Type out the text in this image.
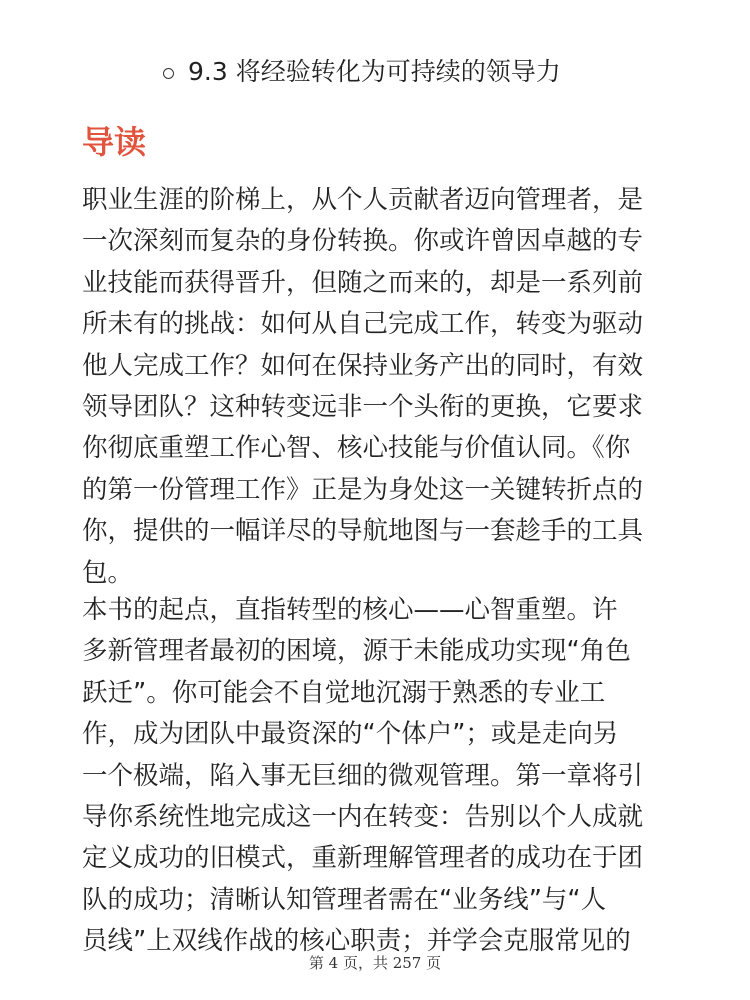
9.3 将经验转化为可持续的领导力
导读

职业生涯的阶梯上，从个人贡献者迈向管理者，是
一次深刻而复杂的身份转换。你或许曾因卓越的专
业技能而获得晋升，但随之而来的，却是一系列前
所未有的挑战：如何从自己完成工作，转变为驱动
他人完成工作？如何在保持业务产出的同时，有效
领导团队？这种转变远非一个头衔的更换，它要求
你彻底重塑工作心智、核心技能与价值认同。《你
的第一份管理工作》正是为身处这一关键转折点的
你，提供的一幅详尽的导航地图与一套趁手的工具
包。

本书的起点，直指转型的核心——心智重塑。许
多新管理者最初的困境，源于未能成功实现“角色
跃迁”。你可能会不自觉地沉溺于熟悉的专业工
作，成为团队中最资深的“个体户”；或是走向另
一个极端，陷入事无巨细的微观管理。第一章将引
导你系统性地完成这一内在转变：告别以个人成就
定义成功的旧模式，重新理解管理者的成功在于团
队的成功；清晰认知管理者需在“业务线”与“人
员线”上双线作战的核心职责；并学会克服常见的

第 4 页，共 257 页
